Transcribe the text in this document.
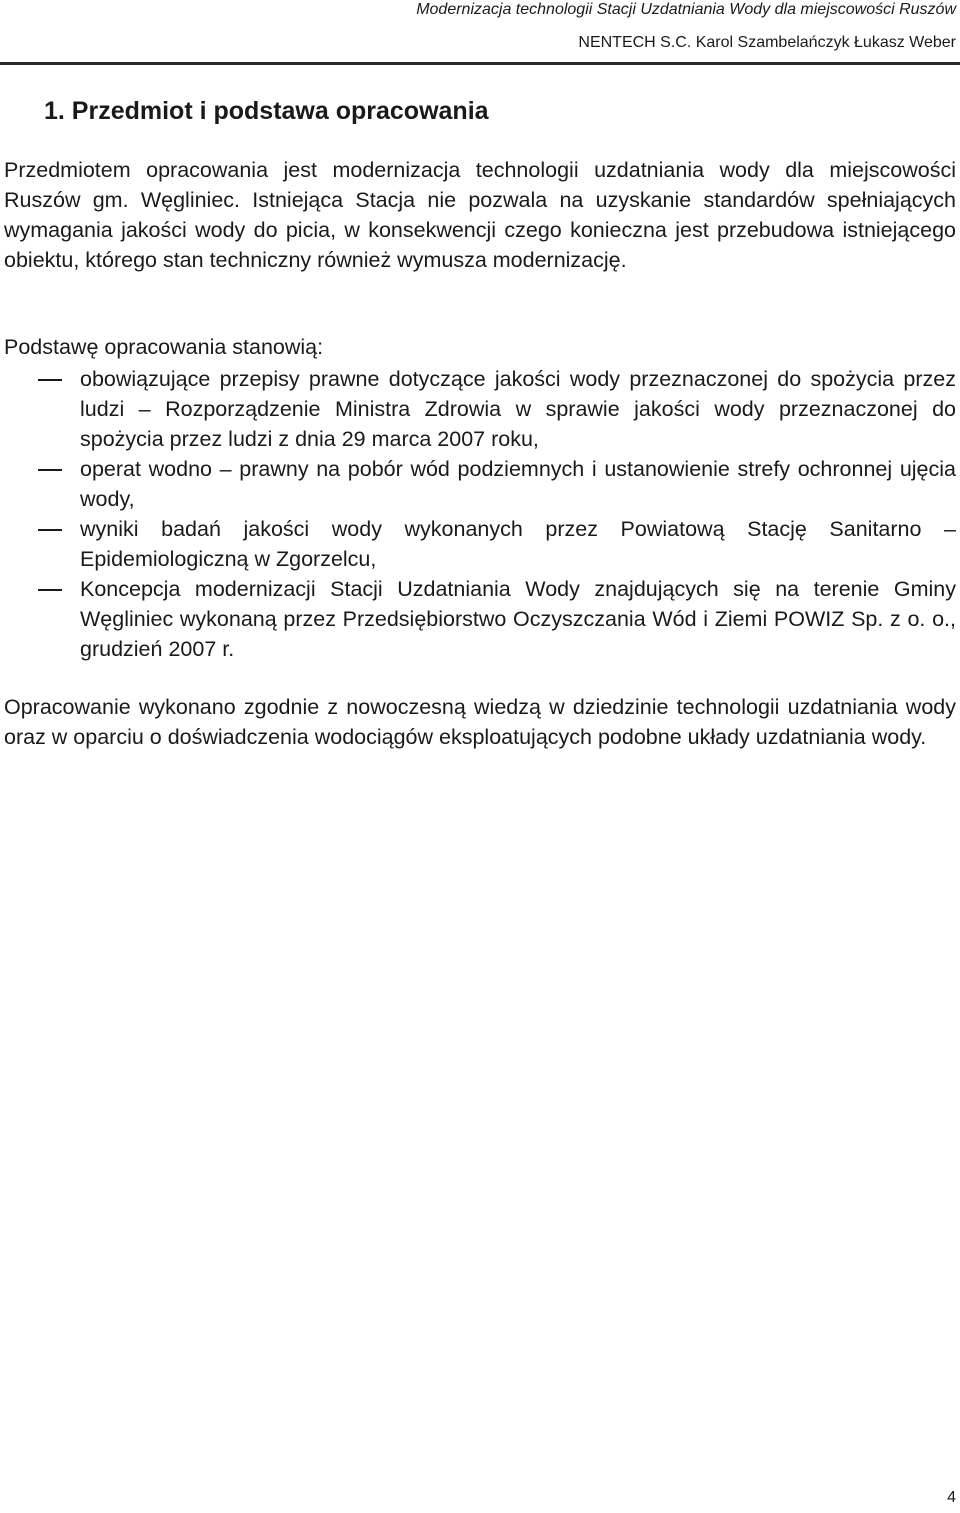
Modernizacja technologii Stacji Uzdatniania Wody dla miejscowości Ruszów
NENTECH S.C. Karol Szambelańczyk Łukasz Weber
1. Przedmiot i podstawa opracowania

Przedmiotem opracowania jest modernizacja technologii uzdatniania wody dla miejscowości Ruszów gm. Węgliniec. Istniejąca Stacja nie pozwala na uzyskanie standardów spełniających wymagania jakości wody do picia, w konsekwencji czego konieczna jest przebudowa istniejącego obiektu, którego stan techniczny również wymusza modernizację.

Podstawę opracowania stanowią:

obowiązujące przepisy prawne dotyczące jakości wody przeznaczonej do spożycia przez ludzi – Rozporządzenie Ministra Zdrowia w sprawie jakości wody przeznaczonej do spożycia przez ludzi z dnia 29 marca 2007 roku,
operat wodno – prawny na pobór wód podziemnych i ustanowienie strefy ochronnej ujęcia wody,
wyniki badań jakości wody wykonanych przez Powiatową Stację Sanitarno – Epidemiologiczną w Zgorzelcu,
Koncepcja modernizacji Stacji Uzdatniania Wody znajdujących się na terenie Gminy Węgliniec wykonaną przez Przedsiębiorstwo Oczyszczania Wód i Ziemi POWIZ Sp. z o. o., grudzień 2007 r.

Opracowanie wykonano zgodnie z nowoczesną wiedzą w dziedzinie technologii uzdatniania wody oraz w oparciu o doświadczenia wodociągów eksploatujących podobne układy uzdatniania wody.

4
